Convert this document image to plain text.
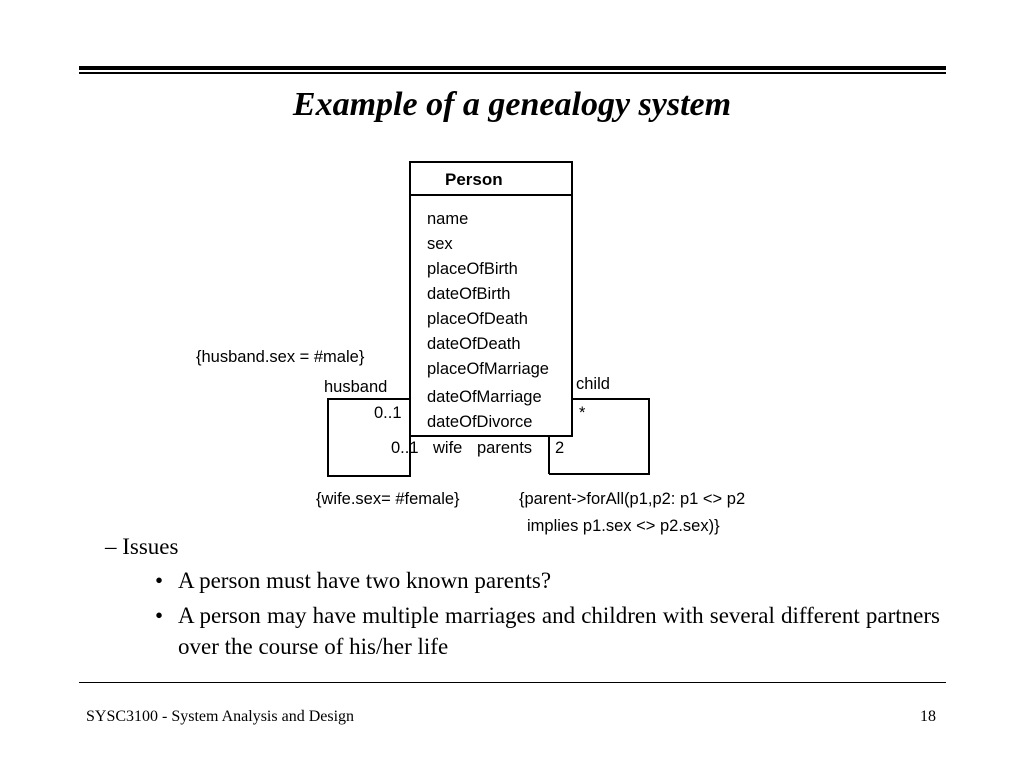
Example of a genealogy system
Person
name
sex
placeOfBirth
dateOfBirth
placeOfDeath
dateOfDeath
placeOfMarriage
dateOfMarriage
dateOfDivorce
{husband.sex = #male}
husband
0..1
0..1 wife
{wife.sex= #female}
child
*
parents 2
{parent->forAll(p1,p2: p1 <> p2
implies p1.sex <> p2.sex)}
– Issues
• A person must have two known parents?
• A person may have multiple marriages and children with several different partners over the course of his/her life
SYSC3100 - System Analysis and Design	18
